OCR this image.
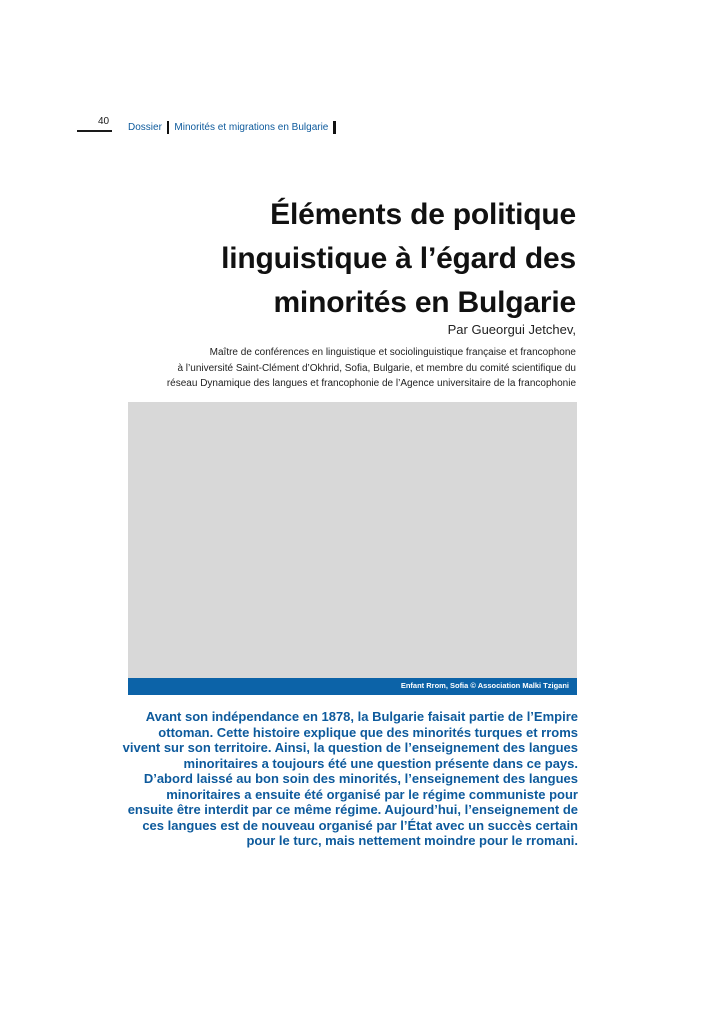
40
Dossier Minorités et migrations en Bulgarie
Éléments de politique
linguistique à l’égard des
minorités en Bulgarie
Par Gueorgui Jetchev,
Maître de conférences en linguistique et sociolinguistique française et francophone
à l’université Saint-Clément d’Okhrid, Sofia, Bulgarie, et membre du comité scientifique du
réseau Dynamique des langues et francophonie de l’Agence universitaire de la francophonie
Enfant Rrom, Sofia © Association Malki Tzigani

Avant son indépendance en 1878, la Bulgarie faisait partie de l’Empire
ottoman. Cette histoire explique que des minorités turques et rroms
vivent sur son territoire. Ainsi, la question de l’enseignement des langues
minoritaires a toujours été une question présente dans ce pays.
D’abord laissé au bon soin des minorités, l’enseignement des langues
minoritaires a ensuite été organisé par le régime communiste pour
ensuite être interdit par ce même régime. Aujourd’hui, l’enseignement de
ces langues est de nouveau organisé par l’État avec un succès certain
pour le turc, mais nettement moindre pour le rromani.
